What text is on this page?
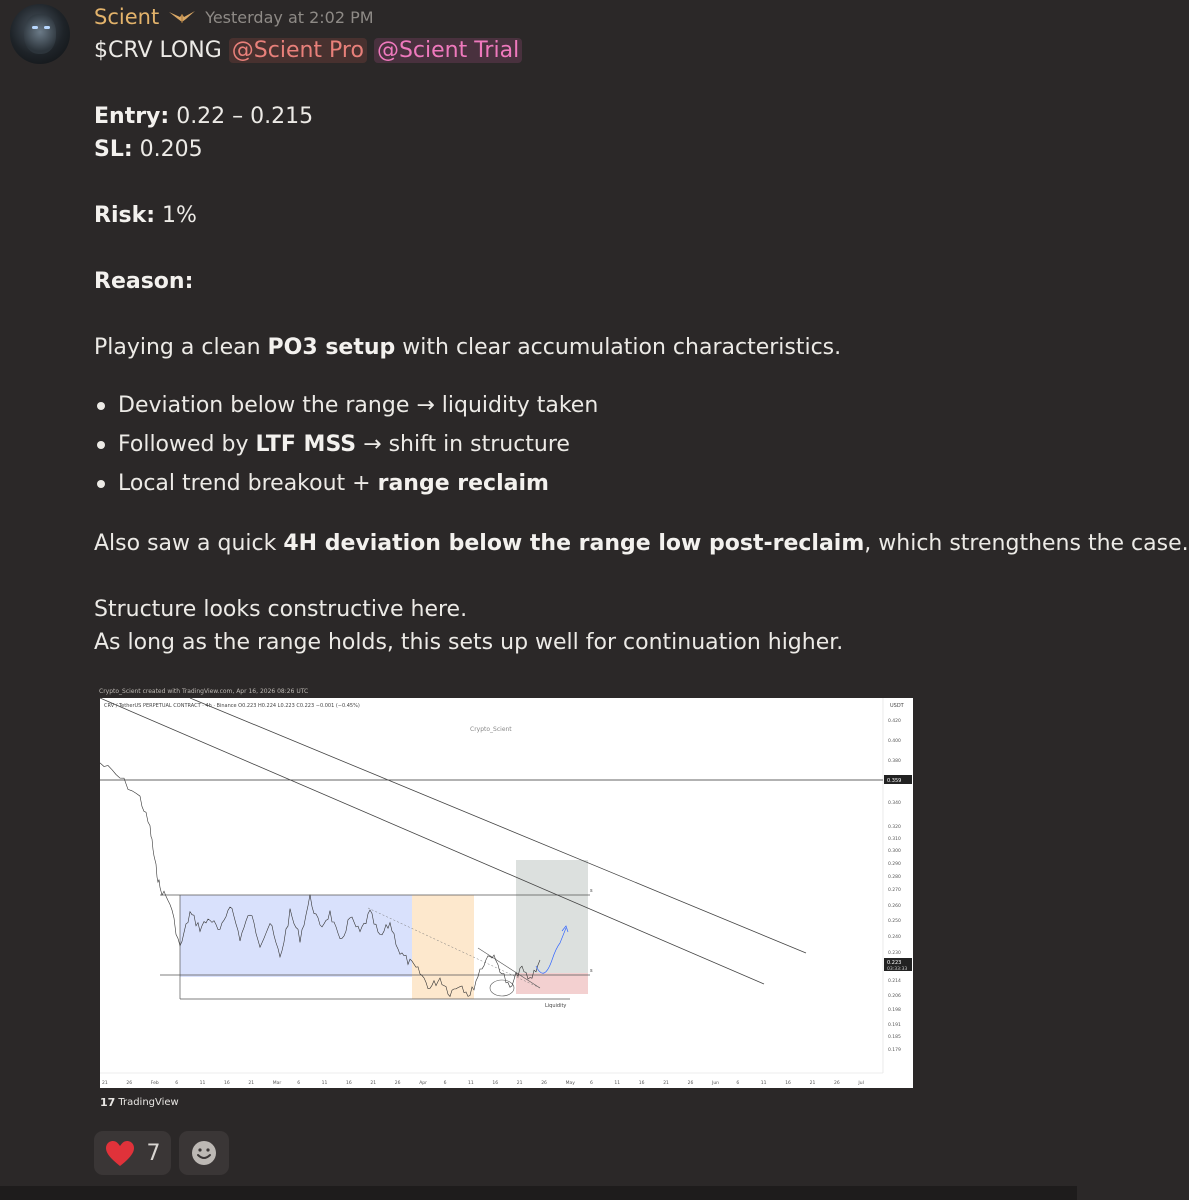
Scient	Yesterday at 2:02 PM

$CRV LONG @Scient Pro @Scient Trial

Entry: 0.22 – 0.215

SL: 0.205

Risk: 1%

Reason:

Playing a clean PO3 setup with clear accumulation characteristics.

Deviation below the range → liquidity taken
Followed by LTF MSS → shift in structure
Local trend breakout + range reclaim

Also saw a quick 4H deviation below the range low post-reclaim, which strengthens the case.

Structure looks constructive here.

As long as the range holds, this sets up well for continuation higher.

Crypto_Scient created with TradingView.com, Apr 16, 2026 08:26 UTC
CRV / TetherUS PERPETUAL CONTRACT · 4h · Binance O0.223 H0.224 L0.223 C0.223 −0.001 (−0.45%)
Crypto_Scient
USDT
0.420
0.400
0.380
0.340
0.320
0.310
0.300
0.290
0.280
0.270
0.260
0.250
0.240
0.230
0.214
0.206
0.198
0.191
0.185
0.179
21	26	Feb	6	11	16	21	Mar	6	11	16	21	26	Apr	6	11	16	21	26	May	6	11	16	21	26	Jun	6	11	16	21	26	Jul
Liquidity
s
s
0.359
0.223
03:33:33
𝟭𝟳 TradingView
7
